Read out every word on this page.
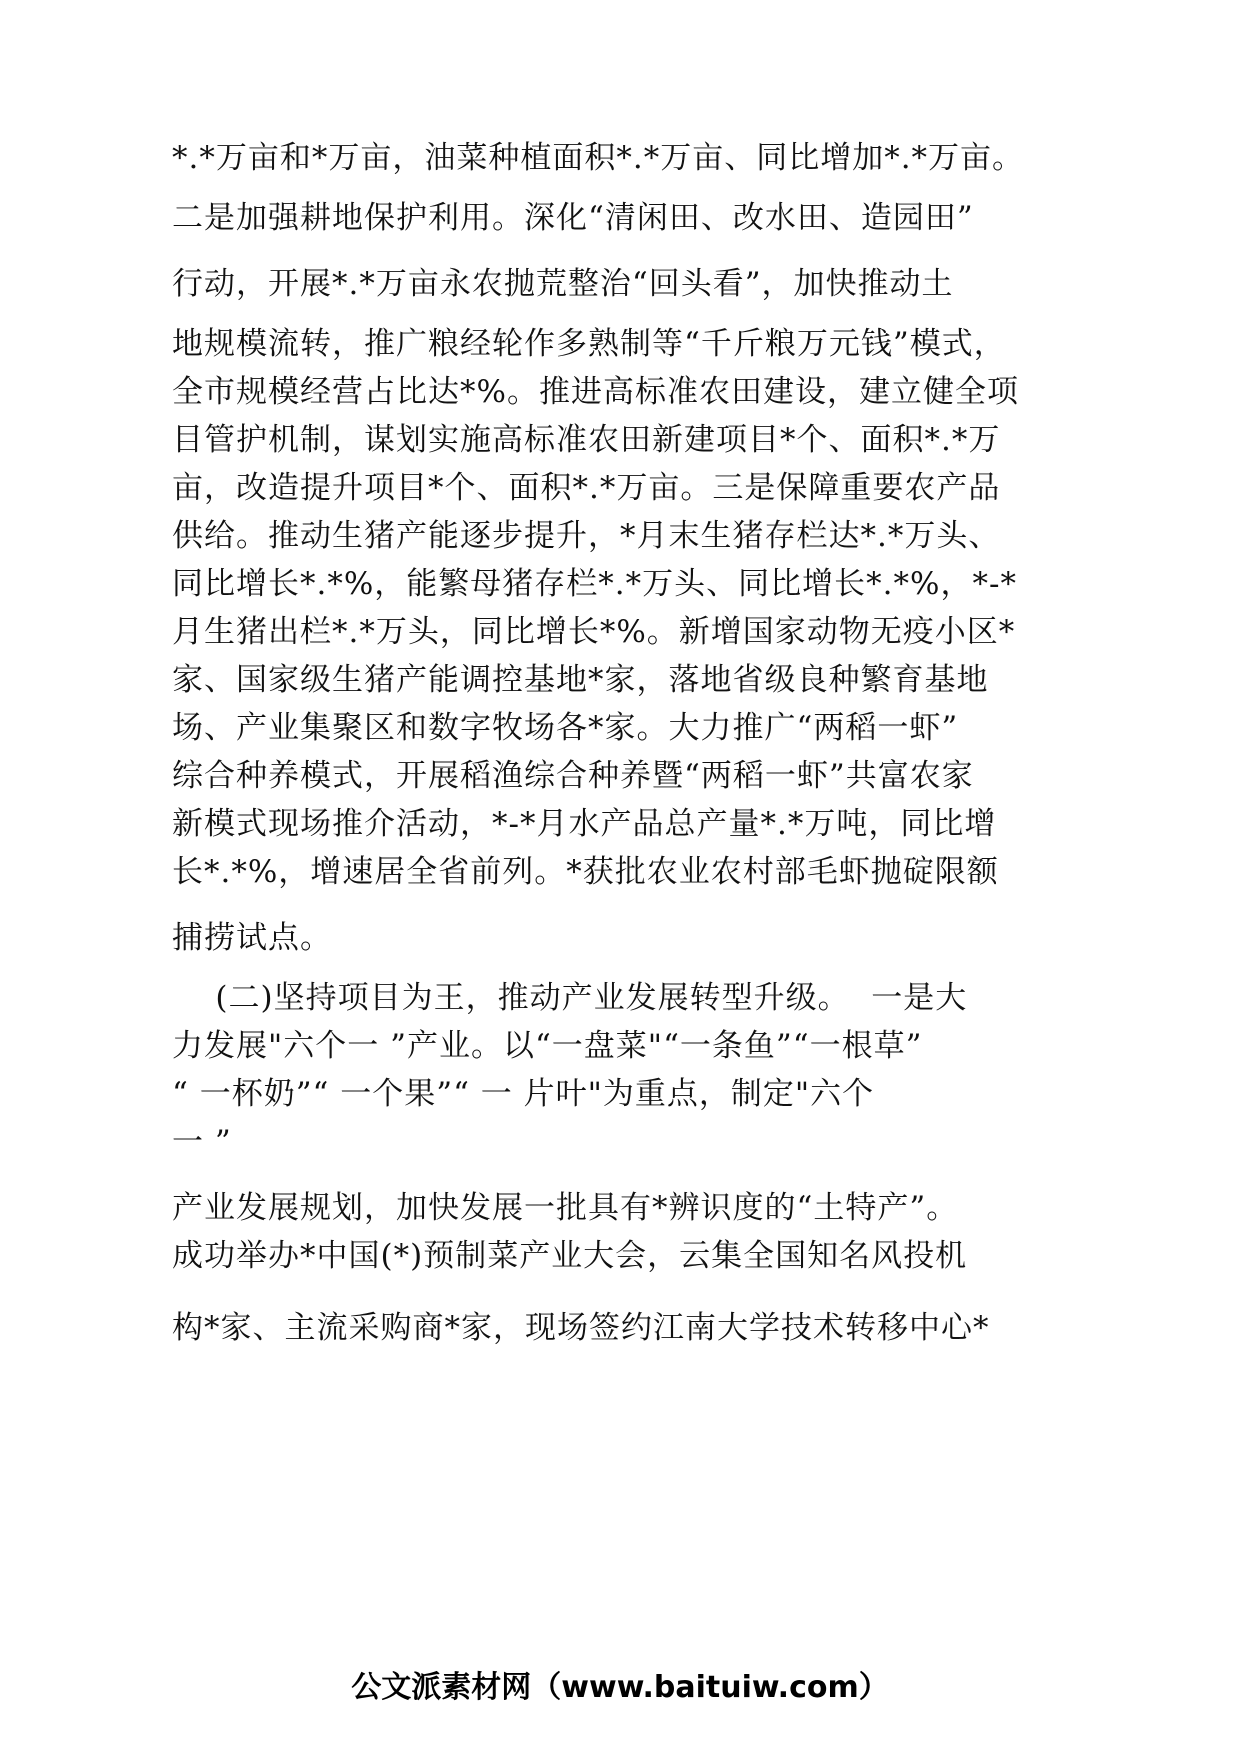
*.*万亩和*万亩，油菜种植面积*.*万亩、同比增加*.*万亩。
二是加强耕地保护利用。深化“清闲田、改水田、造园田”
行动，开展*.*万亩永农抛荒整治“回头看”，加快推动土
地规模流转，推广粮经轮作多熟制等“千斤粮万元钱”模式，
全市规模经营占比达*%。推进高标准农田建设，建立健全项
目管护机制，谋划实施高标准农田新建项目*个、面积*.*万
亩，改造提升项目*个、面积*.*万亩。三是保障重要农产品
供给。推动生猪产能逐步提升，*月末生猪存栏达*.*万头、
同比增长*.*%，能繁母猪存栏*.*万头、同比增长*.*%，*-*
月生猪出栏*.*万头，同比增长*%。新增国家动物无疫小区*
家、国家级生猪产能调控基地*家，落地省级良种繁育基地
场、产业集聚区和数字牧场各*家。大力推广“两稻一虾”
综合种养模式，开展稻渔综合种养暨“两稻一虾”共富农家
新模式现场推介活动，*-*月水产品总产量*.*万吨，同比增
长*.*%，增速居全省前列。*获批农业农村部毛虾抛碇限额
捕捞试点。
(二)坚持项目为王，推动产业发展转型升级。  一是大
力发展"六个一 ”产业。以“一盘菜"“一条鱼”“一根草”
“ 一杯奶”“ 一个果”“ 一 片叶"为重点，制定"六个
一 ”
产业发展规划，加快发展一批具有*辨识度的“土特产”。
成功举办*中国(*)预制菜产业大会，云集全国知名风投机
构*家、主流采购商*家，现场签约江南大学技术转移中心*
公文派素材网（www.baituiw.com）
